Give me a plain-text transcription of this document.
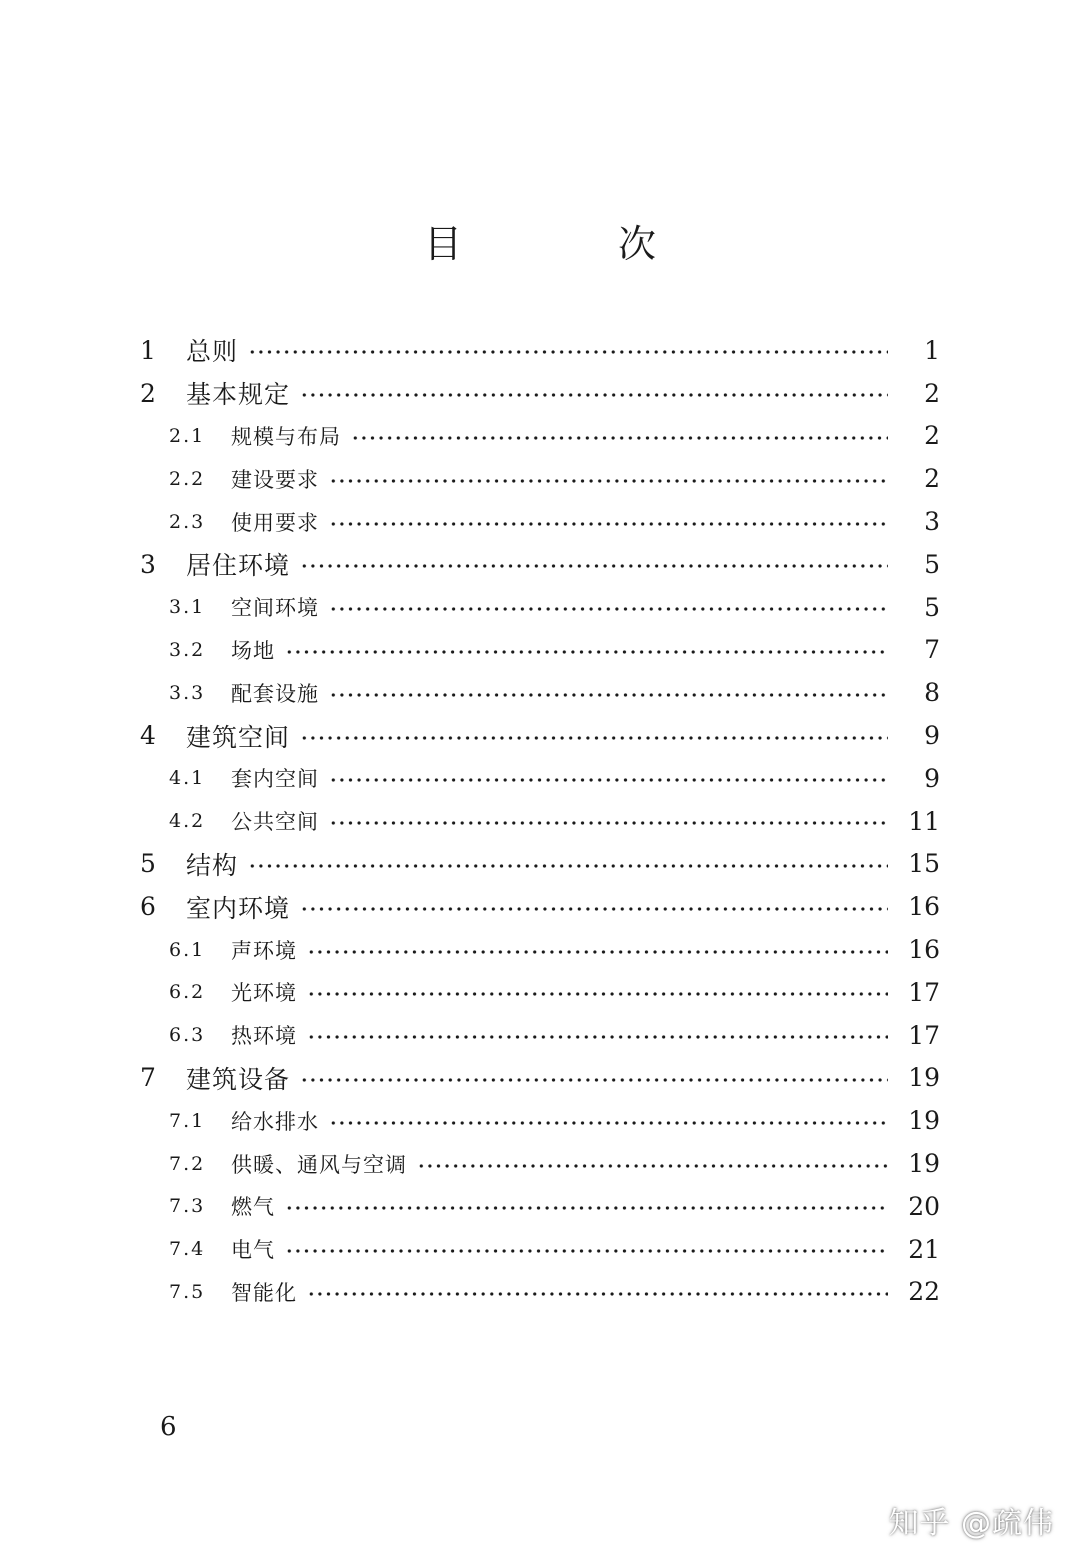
目 次
1	总则	1
2	基本规定	2
2.1	规模与布局	2
2.2	建设要求	2
2.3	使用要求	3
3	居住环境	5
3.1	空间环境	5
3.2	场地	7
3.3	配套设施	8
4	建筑空间	9
4.1	套内空间	9
4.2	公共空间	11
5	结构	15
6	室内环境	16
6.1	声环境	16
6.2	光环境	17
6.3	热环境	17
7	建筑设备	19
7.1	给水排水	19
7.2	供暖、通风与空调	19
7.3	燃气	20
7.4	电气	21
7.5	智能化	22
6
知乎 @疏伟
